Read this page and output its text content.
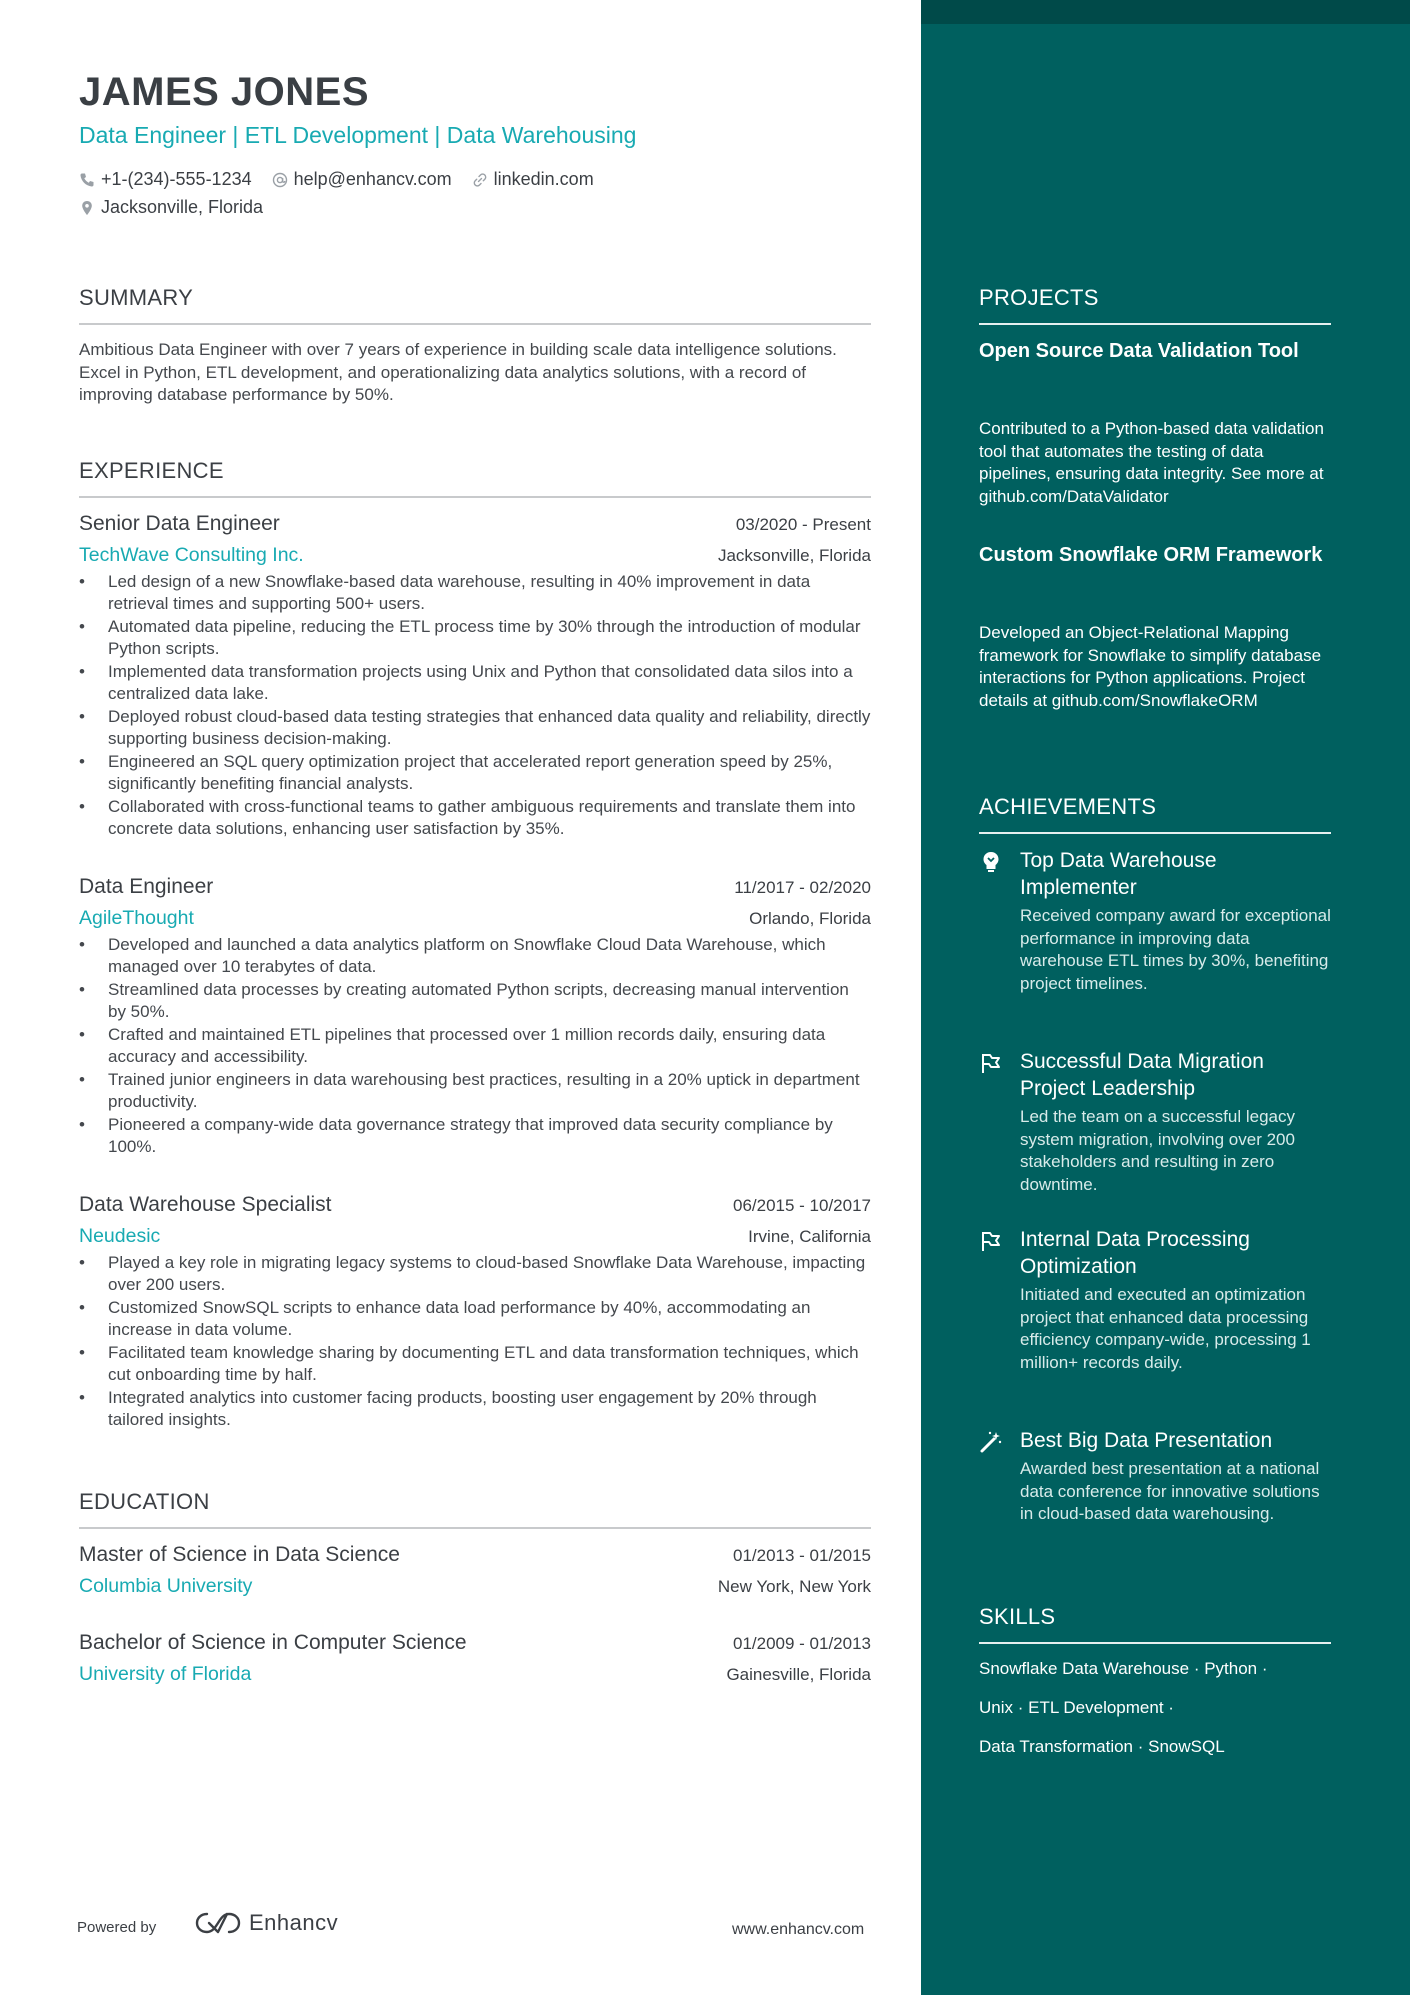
JAMES JONES
Data Engineer | ETL Development | Data Warehousing
+1-(234)-555-1234 help@enhancv.com linkedin.com
Jacksonville, Florida
SUMMARY
Ambitious Data Engineer with over 7 years of experience in building scale data intelligence solutions. Excel in Python, ETL development, and operationalizing data analytics solutions, with a record of improving database performance by 50%.
EXPERIENCE
Senior Data Engineer	03/2020 - Present
TechWave Consulting Inc.	Jacksonville, Florida
• Led design of a new Snowflake-based data warehouse, resulting in 40% improvement in data retrieval times and supporting 500+ users.
• Automated data pipeline, reducing the ETL process time by 30% through the introduction of modular Python scripts.
• Implemented data transformation projects using Unix and Python that consolidated data silos into a centralized data lake.
• Deployed robust cloud-based data testing strategies that enhanced data quality and reliability, directly supporting business decision-making.
• Engineered an SQL query optimization project that accelerated report generation speed by 25%, significantly benefiting financial analysts.
• Collaborated with cross-functional teams to gather ambiguous requirements and translate them into concrete data solutions, enhancing user satisfaction by 35%.
Data Engineer	11/2017 - 02/2020
AgileThought	Orlando, Florida
• Developed and launched a data analytics platform on Snowflake Cloud Data Warehouse, which managed over 10 terabytes of data.
• Streamlined data processes by creating automated Python scripts, decreasing manual intervention by 50%.
• Crafted and maintained ETL pipelines that processed over 1 million records daily, ensuring data accuracy and accessibility.
• Trained junior engineers in data warehousing best practices, resulting in a 20% uptick in department productivity.
• Pioneered a company-wide data governance strategy that improved data security compliance by 100%.
Data Warehouse Specialist	06/2015 - 10/2017
Neudesic	Irvine, California
• Played a key role in migrating legacy systems to cloud-based Snowflake Data Warehouse, impacting over 200 users.
• Customized SnowSQL scripts to enhance data load performance by 40%, accommodating an increase in data volume.
• Facilitated team knowledge sharing by documenting ETL and data transformation techniques, which cut onboarding time by half.
• Integrated analytics into customer facing products, boosting user engagement by 20% through tailored insights.
EDUCATION
Master of Science in Data Science	01/2013 - 01/2015
Columbia University	New York, New York
Bachelor of Science in Computer Science	01/2009 - 01/2013
University of Florida	Gainesville, Florida
Powered by	Enhancv	www.enhancv.com
PROJECTS
Open Source Data Validation Tool
Contributed to a Python-based data validation tool that automates the testing of data pipelines, ensuring data integrity. See more at github.com/DataValidator
Custom Snowflake ORM Framework
Developed an Object-Relational Mapping framework for Snowflake to simplify database interactions for Python applications. Project details at github.com/SnowflakeORM
ACHIEVEMENTS
Top Data Warehouse Implementer
Received company award for exceptional performance in improving data warehouse ETL times by 30%, benefiting project timelines.
Successful Data Migration Project Leadership
Led the team on a successful legacy system migration, involving over 200 stakeholders and resulting in zero downtime.
Internal Data Processing Optimization
Initiated and executed an optimization project that enhanced data processing efficiency company-wide, processing 1 million+ records daily.
Best Big Data Presentation
Awarded best presentation at a national data conference for innovative solutions in cloud-based data warehousing.
SKILLS
Snowflake Data Warehouse · Python ·
Unix · ETL Development ·
Data Transformation · SnowSQL
